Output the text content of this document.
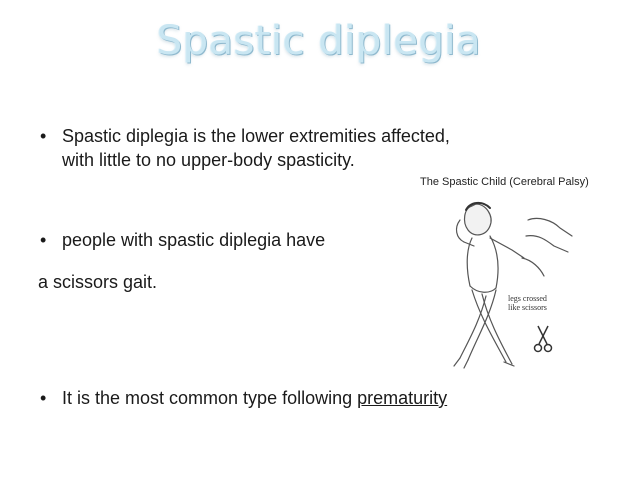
Spastic diplegia
• Spastic diplegia is the lower extremities affected,
with little to no upper-body spasticity.
• people with spastic diplegia have
a scissors gait.
• It is the most common type following prematurity
The Spastic Child (Cerebral Palsy)
legs crossed
like scissors
